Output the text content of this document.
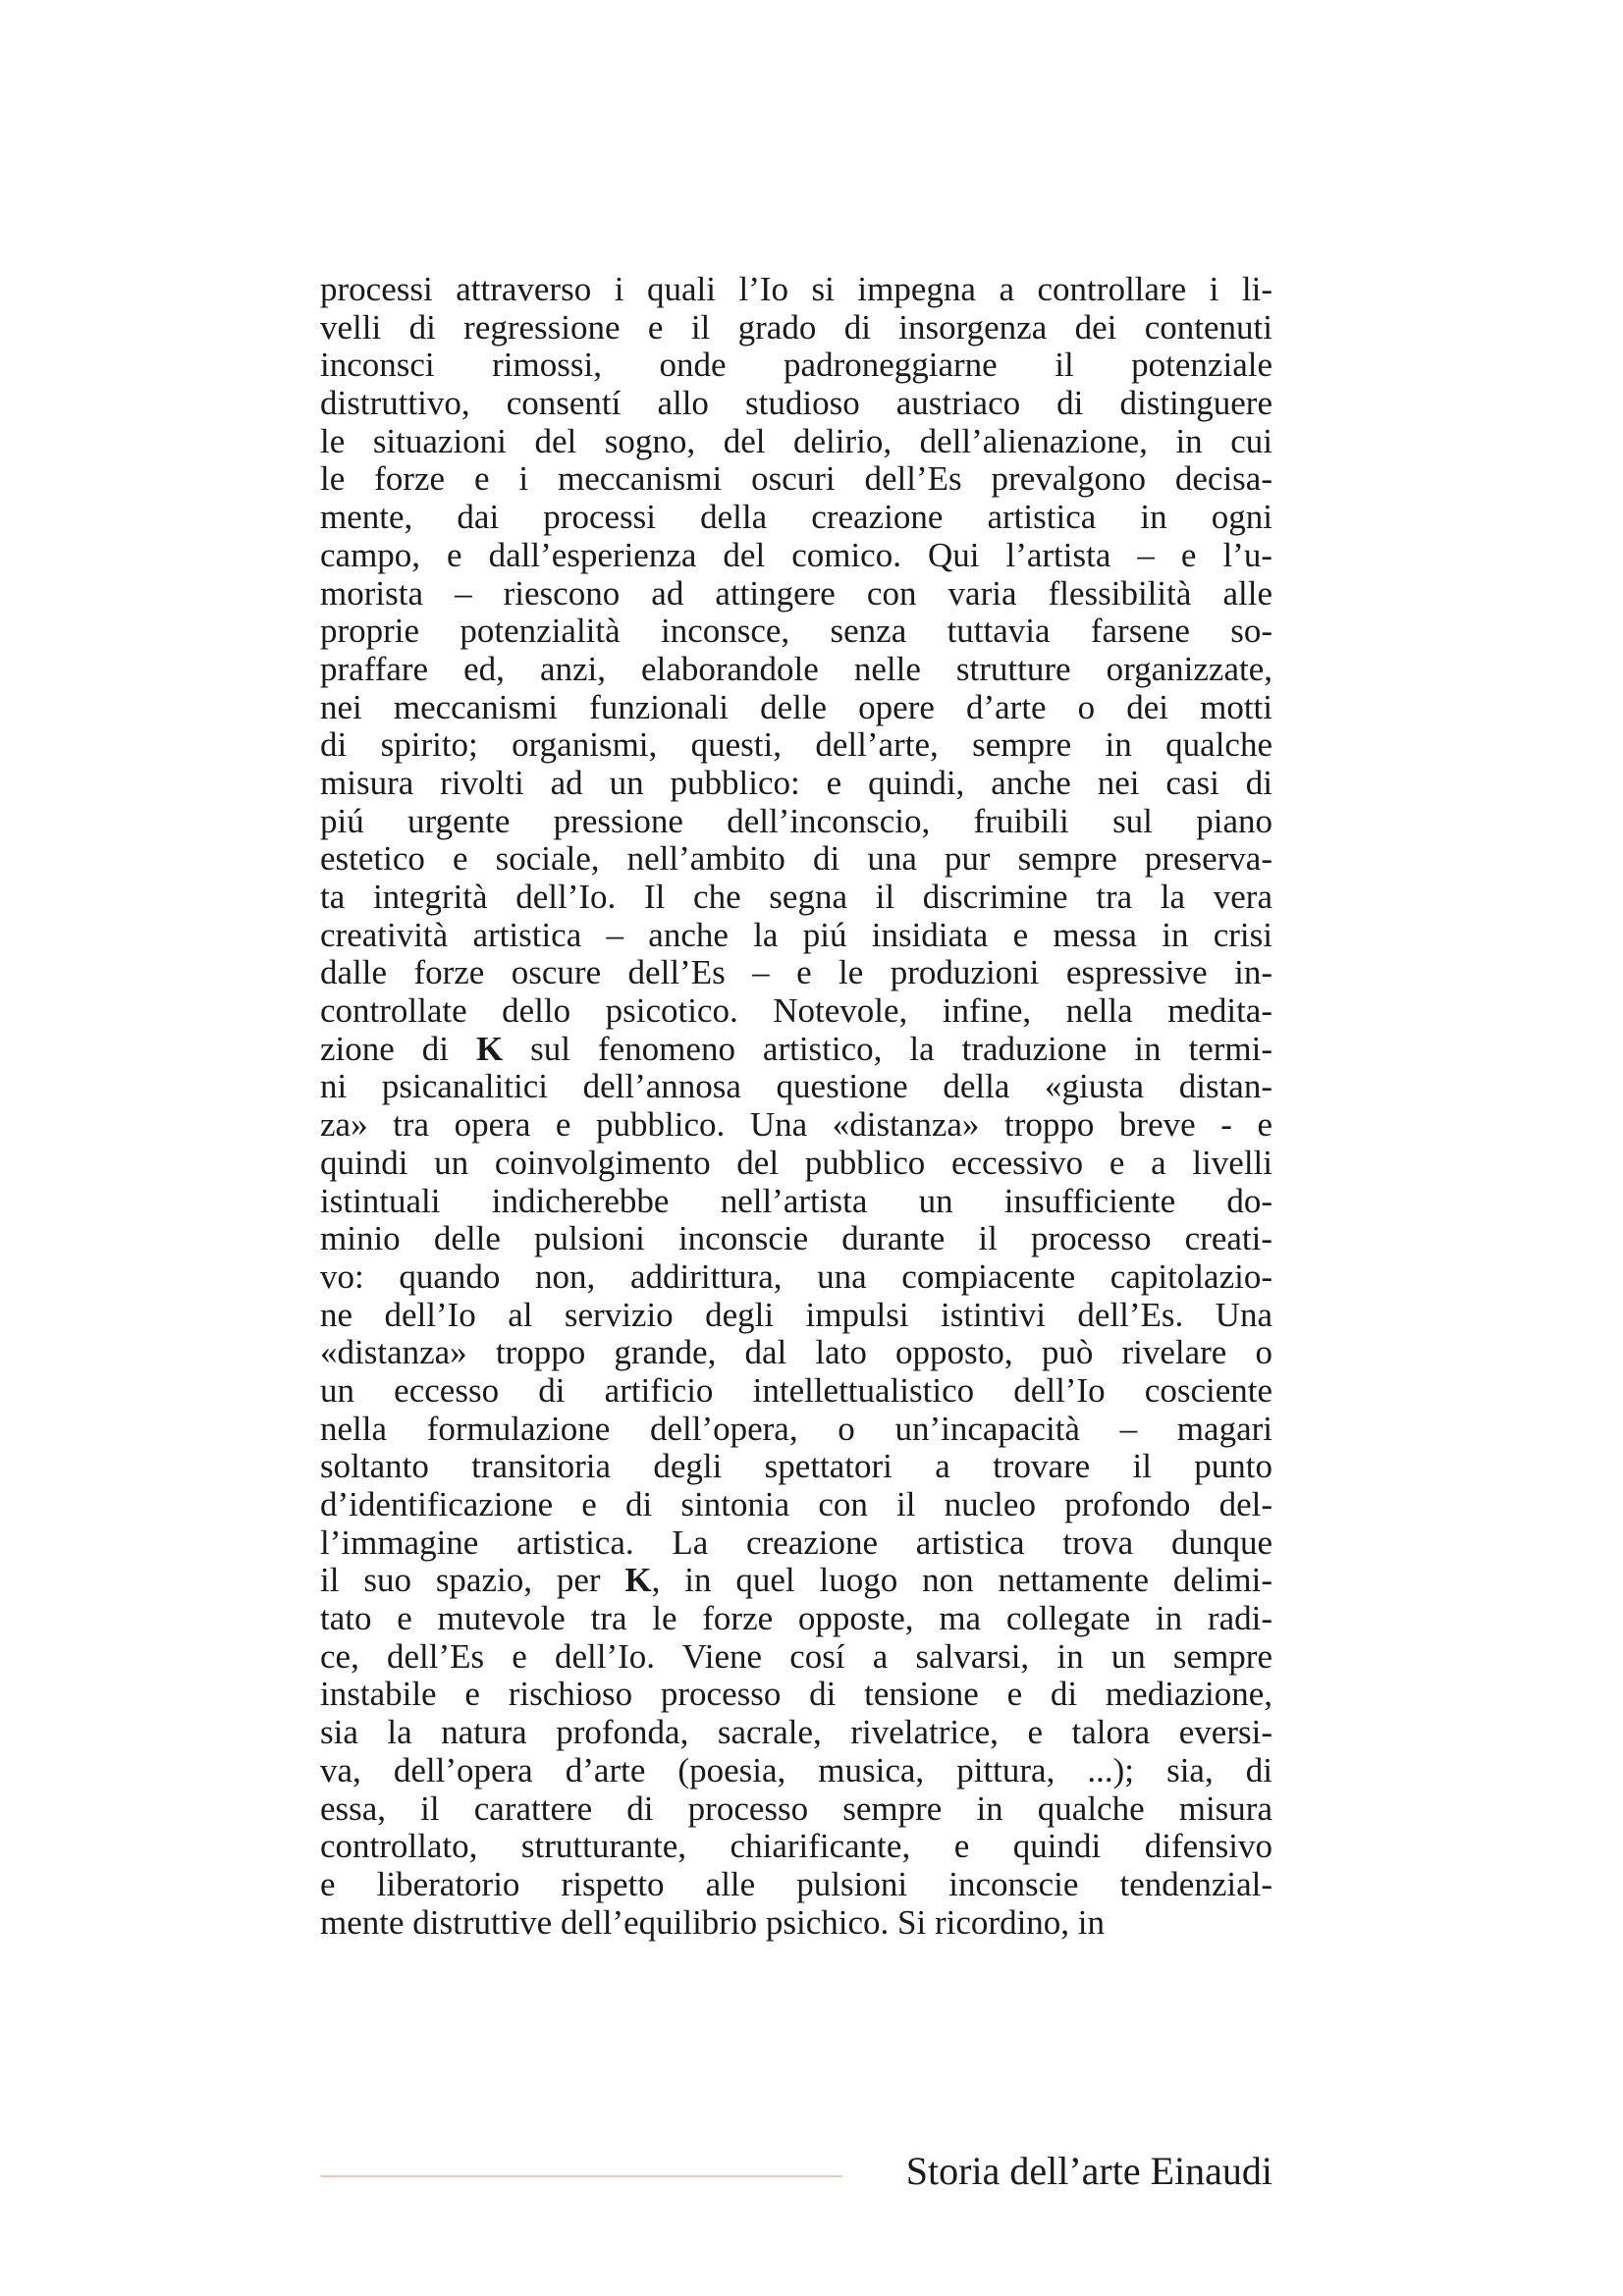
processi attraverso i quali l’Io si impegna a controllare i li-
velli di regressione e il grado di insorgenza dei contenuti
inconsci rimossi, onde padroneggiarne il potenziale
distruttivo, consentí allo studioso austriaco di distinguere
le situazioni del sogno, del delirio, dell’alienazione, in cui
le forze e i meccanismi oscuri dell’Es prevalgono decisa-
mente, dai processi della creazione artistica in ogni
campo, e dall’esperienza del comico. Qui l’artista – e l’u-
morista – riescono ad attingere con varia flessibilità alle
proprie potenzialità inconsce, senza tuttavia farsene so-
praffare ed, anzi, elaborandole nelle strutture organizzate,
nei meccanismi funzionali delle opere d’arte o dei motti
di spirito; organismi, questi, dell’arte, sempre in qualche
misura rivolti ad un pubblico: e quindi, anche nei casi di
piú urgente pressione dell’inconscio, fruibili sul piano
estetico e sociale, nell’ambito di una pur sempre preserva-
ta integrità dell’Io. Il che segna il discrimine tra la vera
creatività artistica – anche la piú insidiata e messa in crisi
dalle forze oscure dell’Es – e le produzioni espressive in-
controllate dello psicotico. Notevole, infine, nella medita-
zione di K sul fenomeno artistico, la traduzione in termi-
ni psicanalitici dell’annosa questione della «giusta distan-
za» tra opera e pubblico. Una «distanza» troppo breve - e
quindi un coinvolgimento del pubblico eccessivo e a livelli
istintuali indicherebbe nell’artista un insufficiente do-
minio delle pulsioni inconscie durante il processo creati-
vo: quando non, addirittura, una compiacente capitolazio-
ne dell’Io al servizio degli impulsi istintivi dell’Es. Una
«distanza» troppo grande, dal lato opposto, può rivelare o
un eccesso di artificio intellettualistico dell’Io cosciente
nella formulazione dell’opera, o un’incapacità – magari
soltanto transitoria degli spettatori a trovare il punto
d’identificazione e di sintonia con il nucleo profondo del-
l’immagine artistica. La creazione artistica trova dunque
il suo spazio, per K, in quel luogo non nettamente delimi-
tato e mutevole tra le forze opposte, ma collegate in radi-
ce, dell’Es e dell’Io. Viene cosí a salvarsi, in un sempre
instabile e rischioso processo di tensione e di mediazione,
sia la natura profonda, sacrale, rivelatrice, e talora eversi-
va, dell’opera d’arte (poesia, musica, pittura, ...); sia, di
essa, il carattere di processo sempre in qualche misura
controllato, strutturante, chiarificante, e quindi difensivo
e liberatorio rispetto alle pulsioni inconscie tendenzial-
mente distruttive dell’equilibrio psichico. Si ricordino, in
Storia dell’arte Einaudi
